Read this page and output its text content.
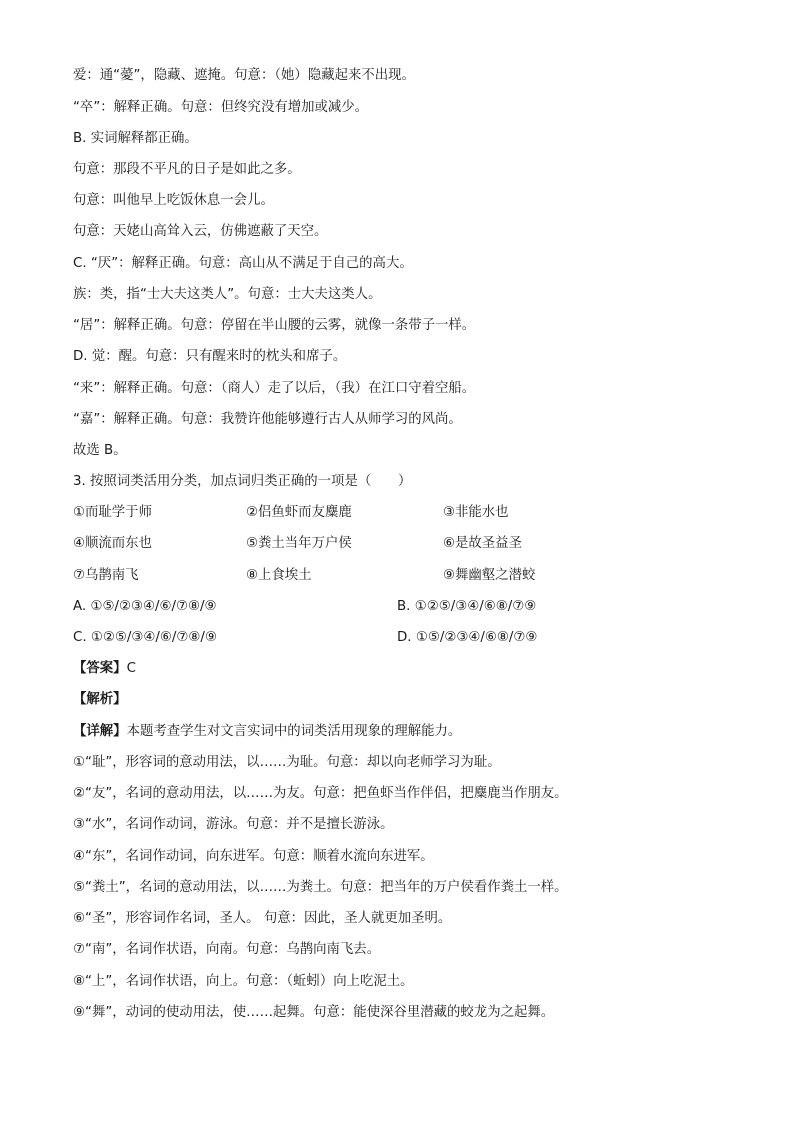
爱：通“薆”，隐藏、遮掩。句意：（她）隐藏起来不出现。
“卒”：解释正确。句意：但终究没有增加或减少。
B. 实词解释都正确。
句意：那段不平凡的日子是如此之多。
句意：叫他早上吃饭休息一会儿。
句意：天姥山高耸入云，仿佛遮蔽了天空。
C. “厌”：解释正确。句意：高山从不满足于自己的高大。
族：类，指“士大夫这类人”。句意：士大夫这类人。
“居”：解释正确。句意：停留在半山腰的云雾，就像一条带子一样。
D. 觉：醒。句意：只有醒来时的枕头和席子。
“来”：解释正确。句意：（商人）走了以后，（我）在江口守着空船。
“嘉”：解释正确。句意：我赞许他能够遵行古人从师学习的风尚。
故选 B。
3. 按照词类活用分类，加点词归类正确的一项是（　　）
①而耻学于师	②侣鱼虾而友麋鹿	③非能水也
④顺流而东也	⑤粪土当年万户侯	⑥是故圣益圣
⑦乌鹊南飞	⑧上食埃土	⑨舞幽壑之潜蛟
A. ①⑤/②③④/⑥/⑦⑧/⑨	B. ①②⑤/③④/⑥⑧/⑦⑨
C. ①②⑤/③④/⑥/⑦⑧/⑨	D. ①⑤/②③④/⑥⑧/⑦⑨
【答案】C
【解析】
【详解】本题考查学生对文言实词中的词类活用现象的理解能力。
①“耻”，形容词的意动用法，以……为耻。句意：却以向老师学习为耻。
②“友”，名词的意动用法，以……为友。句意：把鱼虾当作伴侣，把麋鹿当作朋友。
③“水”，名词作动词，游泳。句意：并不是擅长游泳。
④“东”，名词作动词，向东进军。句意：顺着水流向东进军。
⑤“粪土”，名词的意动用法，以……为粪土。句意：把当年的万户侯看作粪土一样。
⑥“圣”，形容词作名词，圣人。 句意：因此，圣人就更加圣明。
⑦“南”，名词作状语，向南。句意：乌鹊向南飞去。
⑧“上”，名词作状语，向上。句意：（蚯蚓）向上吃泥土。
⑨“舞”，动词的使动用法，使……起舞。句意：能使深谷里潜藏的蛟龙为之起舞。
